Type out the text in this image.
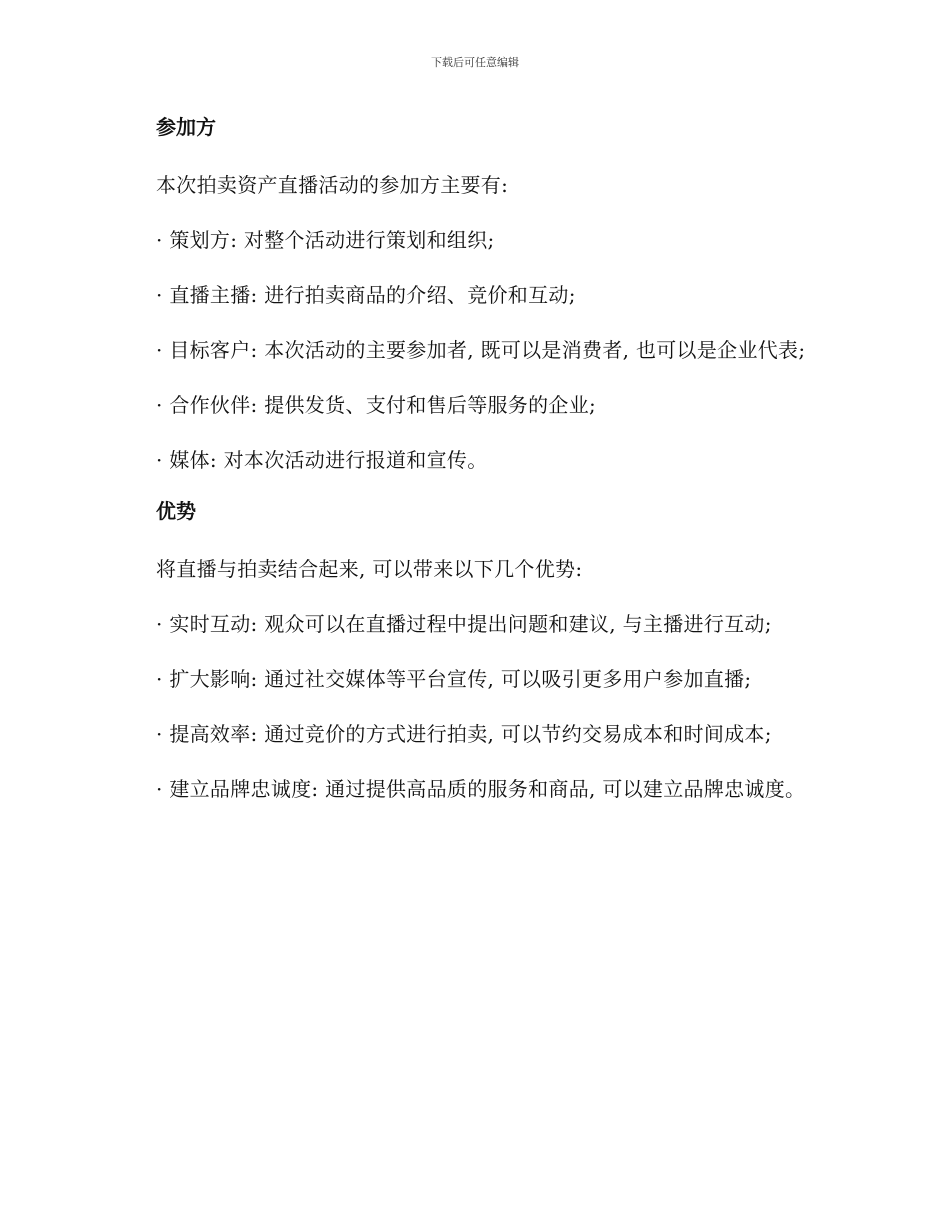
下载后可任意编辑
参加方

本次拍卖资产直播活动的参加方主要有:

· 策划方: 对整个活动进行策划和组织;

· 直播主播: 进行拍卖商品的介绍、竞价和互动;

· 目标客户: 本次活动的主要参加者, 既可以是消费者, 也可以是企业代表;

· 合作伙伴: 提供发货、支付和售后等服务的企业;

· 媒体: 对本次活动进行报道和宣传。

优势

将直播与拍卖结合起来, 可以带来以下几个优势:

· 实时互动: 观众可以在直播过程中提出问题和建议, 与主播进行互动;

· 扩大影响: 通过社交媒体等平台宣传, 可以吸引更多用户参加直播;

· 提高效率: 通过竞价的方式进行拍卖, 可以节约交易成本和时间成本;

· 建立品牌忠诚度: 通过提供高品质的服务和商品, 可以建立品牌忠诚度。
